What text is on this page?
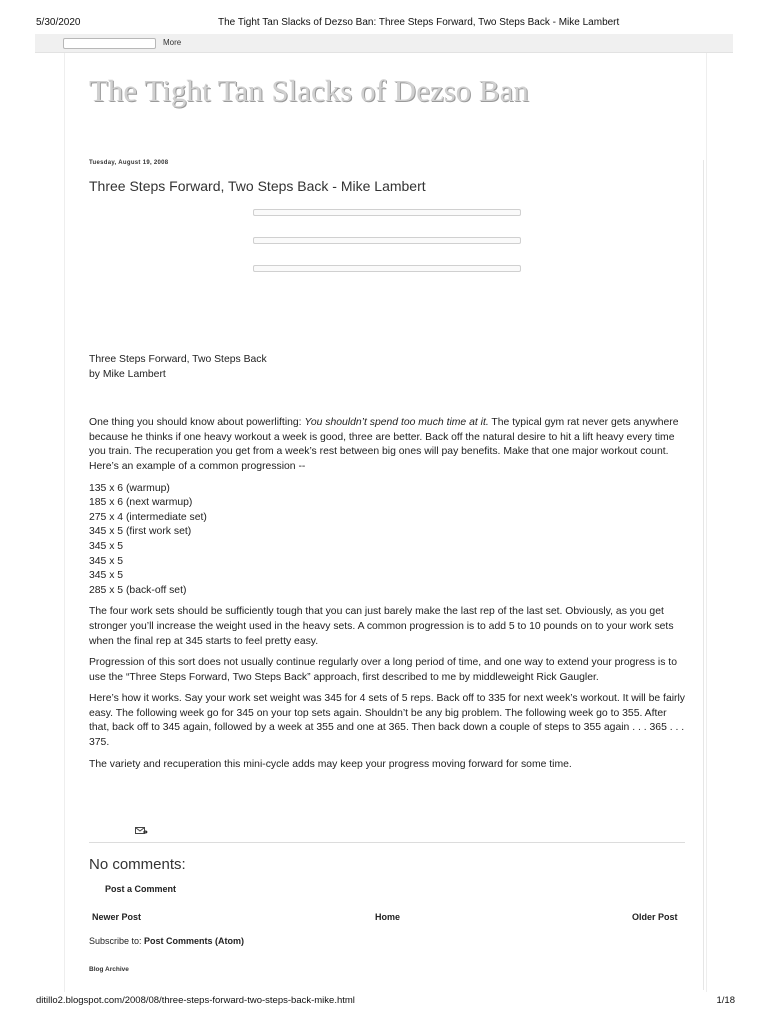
5/30/2020	The Tight Tan Slacks of Dezso Ban: Three Steps Forward, Two Steps Back - Mike Lambert
More
The Tight Tan Slacks of Dezso Ban
Tuesday, August 19, 2008
Three Steps Forward, Two Steps Back - Mike Lambert

Three Steps Forward, Two Steps Back

by Mike Lambert

One thing you should know about powerlifting: You shouldn’t spend too much time at it. The typical gym rat never gets anywhere because he thinks if one heavy workout a week is good, three are better. Back off the natural desire to hit a lift heavy every time you train. The recuperation you get from a week’s rest between big ones will pay benefits. Make that one major workout count. Here’s an example of a common progression --

135 x 6 (warmup)
185 x 6 (next warmup)
275 x 4 (intermediate set)
345 x 5 (first work set)
345 x 5
345 x 5
345 x 5
285 x 5 (back-off set)

The four work sets should be sufficiently tough that you can just barely make the last rep of the last set. Obviously, as you get stronger you’ll increase the weight used in the heavy sets. A common progression is to add 5 to 10 pounds on to your work sets when the final rep at 345 starts to feel pretty easy.

Progression of this sort does not usually continue regularly over a long period of time, and one way to extend your progress is to use the “Three Steps Forward, Two Steps Back” approach, first described to me by middleweight Rick Gaugler.

Here’s how it works. Say your work set weight was 345 for 4 sets of 5 reps. Back off to 335 for next week’s workout. It will be fairly easy. The following week go for 345 on your top sets again. Shouldn’t be any big problem. The following week go to 355. After that, back off to 345 again, followed by a week at 355 and one at 365. Then back down a couple of steps to 355 again . . . 365 . . . 375.

The variety and recuperation this mini-cycle adds may keep your progress moving forward for some time.

No comments:
Post a Comment
Newer Post	Home	Older Post
Subscribe to: Post Comments (Atom)
Blog Archive
ditillo2.blogspot.com/2008/08/three-steps-forward-two-steps-back-mike.html	1/18
